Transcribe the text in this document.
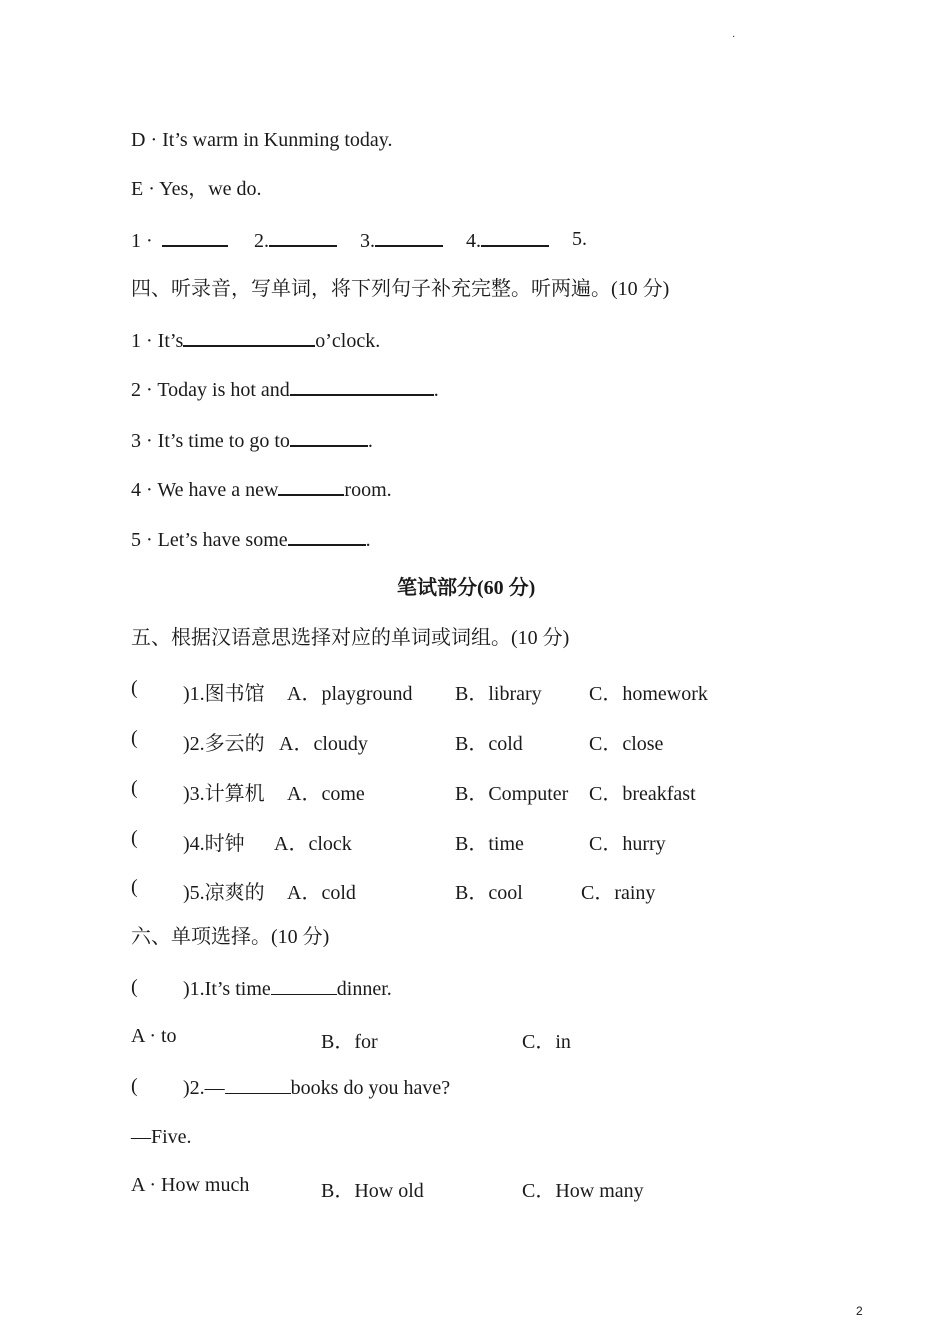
·
D · It’s warm in Kunming today.
E · Yes，we do.
1 ·	2.	3.	4.	5.
四、听录音，写单词，将下列句子补充完整。听两遍。(10 分)
1 · It’s	o’clock.
2 · Today is hot and	.
3 · It’s time to go to	.
4 · We have a new	room.
5 · Let’s have some	.
笔试部分(60 分)
五、根据汉语意思选择对应的单词或词组。(10 分)
( )1.图书馆 A．playground B．library C．homework
( )2.多云的 A．cloudy	B．cold	C．close
( )3.计算机 A．come	B．Computer C．breakfast
( )4.时钟 A．clock	B．time	C．hurry
( )5.凉爽的 A．cold	B．cool	C．rainy
六、单项选择。(10 分)
( )1.It’s time	dinner.
A · to	B．for	C．in
( )2.—	books do you have?
—Five.
A · How much	B．How old	C．How many
2
